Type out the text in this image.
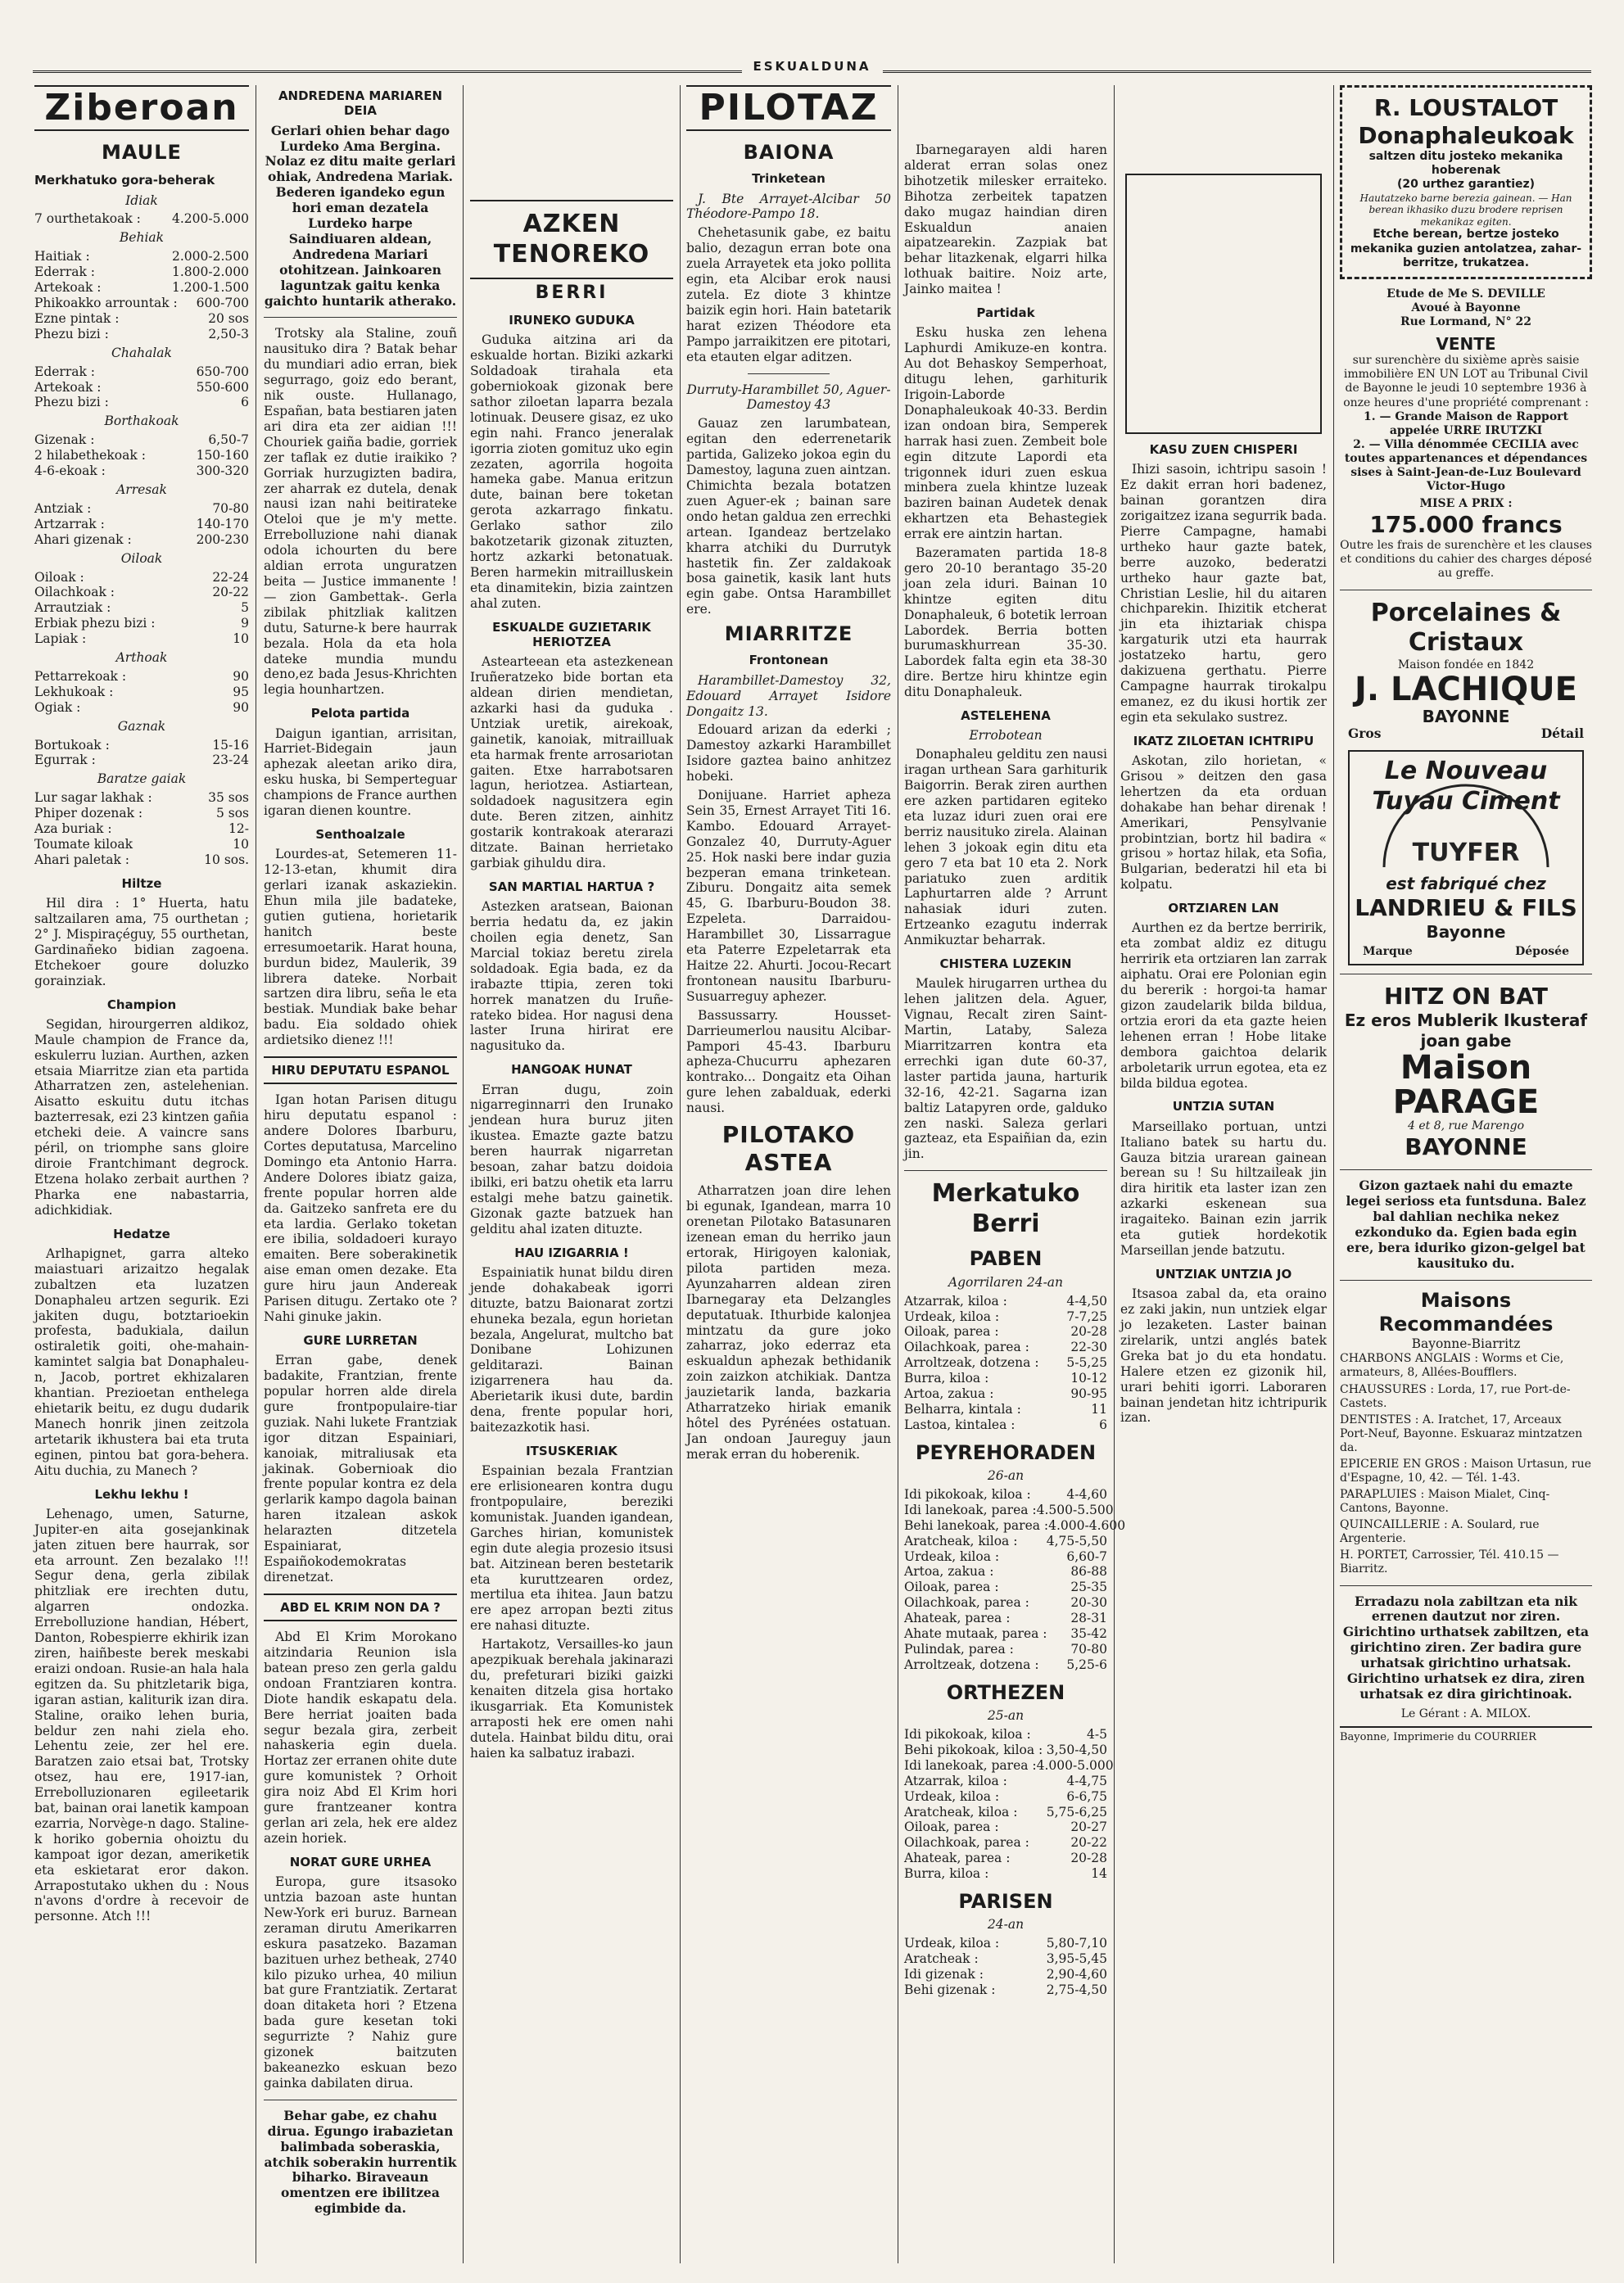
ESKUALDUNA
Ziberoan
MAULE
Merkhatuko gora-beherak
Idiak
7 ourthetakoak :	4.200-5.000
Behiak
Haitiak :	2.000-2.500
Ederrak :	1.800-2.000
Artekoak :	1.200-1.500
Phikoakko arrountak :	600-700
Ezne pintak :	20 sos
Phezu bizi :	2,50-3
Chahalak
Ederrak :	650-700
Artekoak :	550-600
Phezu bizi :	6
Borthakoak
Gizenak :	6,50-7
2 hilabethekoak :	150-160
4-6-ekoak :	300-320
Arresak
Antziak :	70-80
Artzarrak :	140-170
Ahari gizenak :	200-230
Oiloak
Oiloak :	22-24
Oilachkoak :	20-22
Arrautziak :	5
Erbiak phezu bizi :	9
Lapiak :	10
Arthoak
Pettarrekoak :	90
Lekhukoak :	95
Ogiak :	90
Gaznak
Bortukoak :	15-16
Egurrak :	23-24
Baratze gaiak
Lur sagar lakhak :	35 sos
Phiper dozenak :	5 sos
Aza buriak :	12-
Toumate kiloak	10
Ahari paletak :	10 sos.
Hiltze
Hil dira : 1° Huerta, hatu saltzailaren ama, 75 ourthetan ; 2° J. Mispiraçéguy, 55 ourthetan, Gardinañeko bidian zagoena. Etchekoer goure doluzko gorainziak.
Champion
Segidan, hirourgerren aldikoz, Maule champion de France da, eskulerru luzian. Aurthen, azken etsaia Miarritze zian eta partida Atharratzen zen, astelehenian. Aisatto eskuitu dutu itchas bazterresak, ezi 23 kintzen gañia etcheki deie. A vaincre sans péril, on triomphe sans gloire diroie Frantchimant degrock. Etzena holako zerbait aurthen ? Pharka ene nabastarria, adichkidiak.
Hedatze
Arlhapignet, garra alteko maiastuari arizaitzo hegalak zubaltzen eta luzatzen Donaphaleu artzen segurik. Ezi jakiten dugu, botztarioekin profesta, badukiala, dailun ostiraletik goiti, ohe-mahain-kamintet salgia bat Donaphaleu-n, Jacob, portret ekhizalaren khantian. Prezioetan enthelega ehietarik beitu, ez dugu dudarik Manech honrik jinen zeitzola artetarik ikhustera bai eta truta eginen, pintou bat gora-behera. Aitu duchia, zu Manech ?
Lekhu lekhu !
Lehenago, umen, Saturne, Jupiter-en aita gosejankinak jaten zituen bere haurrak, sor eta arrount. Zen bezalako !!! Segur dena, gerla zibilak phitzliak ere irechten dutu, algarren ondozka. Errebolluzione handian, Hébert, Danton, Robespierre ekhirik izan ziren, haiñbeste berek meskabi eraizi ondoan. Rusie-an hala hala egitzen da. Su phitzletarik biga, igaran astian, kaliturik izan dira. Staline, oraiko lehen buria, beldur zen nahi ziela eho. Lehentu zeie, zer hel ere. Baratzen zaio etsai bat, Trotsky otsez, hau ere, 1917-ian, Errebolluzionaren egileetarik bat, bainan orai lanetik kampoan ezarria, Norvège-n dago. Staline-k horiko gobernia ohoiztu du kampoat igor dezan, ameriketik eta eskietarat eror dakon. Arrapostutako ukhen du : Nous n'avons d'ordre à recevoir de personne. Atch !!!
ANDREDENA MARIAREN DEIA
Gerlari ohien behar dago Lurdeko Ama Bergina. Nolaz ez ditu maite gerlari ohiak, Andredena Mariak. Bederen igandeko egun hori eman dezatela Lurdeko harpe Saindiuaren aldean, Andredena Mariari otohitzean. Jainkoaren laguntzak gaitu kenka gaichto huntarik atherako.
Trotsky ala Staline, zouñ nausituko dira ? Batak behar du mundiari adio erran, biek segurrago, goiz edo berant, nik ouste. Hullanago, Españan, bata bestiaren jaten ari dira eta zer aidian !!! Chouriek gaiña badie, gorriek zer taflak ez dutie iraikiko ? Gorriak hurzugizten badira, zer aharrak ez dutela, denak nausi izan nahi beitirateke Oteloi que je m'y mette. Errebolluzione nahi dianak odola ichourten du bere aldian errota unguratzen beita — Justice immanente ! — zion Gambettak-. Gerla zibilak phitzliak kalitzen dutu, Saturne-k bere haurrak bezala. Hola da eta hola dateke mundia mundu deno,ez bada Jesus-Khrichten legia hounhartzen.
Pelota partida
Daigun igantian, arrisitan, Harriet-Bidegain jaun aphezak aleetan ariko dira, esku huska, bi Semperteguar champions de France aurthen igaran dienen kountre.
Senthoalzale
Lourdes-at, Setemeren 11-12-13-etan, khumit dira gerlari izanak askaziekin. Ehun mila jile badateke, gutien gutiena, horietarik hanitch beste erresumoetarik. Harat houna, burdun bidez, Maulerik, 39 librera dateke. Norbait sartzen dira libru, seña le eta bestiak. Mundiak bake behar badu. Eia soldado ohiek ardietsiko dienez !!!
HIRU DEPUTATU ESPANOL
Igan hotan Parisen ditugu hiru deputatu espanol : andere Dolores Ibarburu, Cortes deputatusa, Marcelino Domingo eta Antonio Harra. Andere Dolores ibiatz gaiza, frente popular horren alde da. Gaitzeko sanfreta ere du eta lardia. Gerlako toketan ere ibilia, soldadoeri kurayo emaiten. Bere soberakinetik aise eman omen dezake. Eta gure hiru jaun Andereak Parisen ditugu. Zertako ote ? Nahi ginuke jakin.
GURE LURRETAN
Erran gabe, denek badakite, Frantzian, frente popular horren alde direla gure frontpopulaire-tiar guziak. Nahi lukete Frantziak igor ditzan Espainiari, kanoiak, mitraliusak eta jakinak. Gobernioak dio frente popular kontra ez dela gerlarik kampo dagola bainan haren itzalean askok helarazten ditzetela Espainiarat, Espaiñokodemokratas direnetzat.
ABD EL KRIM NON DA ?
Abd El Krim Morokano aitzindaria Reunion isla batean preso zen gerla galdu ondoan Frantziaren kontra. Diote handik eskapatu dela. Bere herriat joaiten bada segur bezala gira, zerbeit nahaskeria egin duela. Hortaz zer erranen ohite dute gure komunistek ? Orhoit gira noiz Abd El Krim hori gure frantzeaner kontra gerlan ari zela, hek ere aldez azein horiek.
NORAT GURE URHEA
Europa, gure itsasoko untzia bazoan aste huntan New-York eri buruz. Barnean zeraman dirutu Amerikarren eskura pasatzeko. Bazaman bazituen urhez betheak, 2740 kilo pizuko urhea, 40 miliun bat gure Frantziatik. Zertarat doan ditaketa hori ? Etzena bada gure kesetan toki segurrizte ? Nahiz gure gizonek baitzuten bakeanezko eskuan bezo gainka dabilaten dirua.
Behar gabe, ez chahu dirua. Egungo irabazietan balimbada soberaskia, atchik soberakin hurrentik biharko. Biraveaun omentzen ere ibilitzea egimbide da.
AZKEN TENOREKO
BERRI
IRUNEKO GUDUKA
Guduka aitzina ari da eskualde hortan. Biziki azkarki Soldadoak tirahala eta goberniokoak gizonak bere sathor ziloetan laparra bezala lotinuak. Deusere gisaz, ez uko egin nahi. Franco jeneralak igorria zioten gomituz uko egin zezaten, agorrila hogoita hameka gabe. Manua eritzun dute, bainan bere toketan gerota azkarrago finkatu. Gerlako sathor zilo bakotzetarik gizonak zituzten, hortz azkarki betonatuak. Beren harmekin mitrailluskein eta dinamitekin, bizia zaintzen ahal zuten.
ESKUALDE GUZIETARIK HERIOTZEA
Astearteean eta astezkenean Iruñeratzeko bide bortan eta aldean dirien mendietan, azkarki hasi da guduka . Untziak uretik, airekoak, gainetik, kanoiak, mitrailluak eta harmak frente arrosariotan gaiten. Etxe harrabotsaren lagun, heriotzea. Astiartean, soldadoek nagusitzera egin dute. Beren zitzen, ainhitz gostarik kontrakoak aterarazi ditzate. Bainan herrietako garbiak gihuldu dira.
SAN MARTIAL HARTUA ?
Astezken aratsean, Baionan berria hedatu da, ez jakin choilen egia denetz, San Marcial tokiaz beretu zirela soldadoak. Egia bada, ez da irabazte ttipia, zeren toki horrek manatzen du Iruñe-rateko bidea. Hor nagusi dena laster Iruna hirirat ere nagusituko da.
HANGOAK HUNAT
Erran dugu, zoin nigarreginnarri den Irunako jendean hura buruz jiten ikustea. Emazte gazte batzu beren haurrak nigarretan besoan, zahar batzu doidoia ibilki, eri batzu ohetik eta larru estalgi mehe batzu gainetik. Gizonak gazte batzuek han gelditu ahal izaten dituzte.
HAU IZIGARRIA !
Espainiatik hunat bildu diren jende dohakabeak igorri dituzte, batzu Baionarat zortzi ehuneka bezala, egun horietan bezala, Angelurat, multcho bat Donibane Lohizunen gelditarazi. Bainan izigarrenera hau da. Aberietarik ikusi dute, bardin dena, frente popular hori, baitezazkotik hasi.
ITSUSKERIAK
Espainian bezala Frantzian ere erlisionearen kontra dugu frontpopulaire, bereziki komunistak. Juanden igandean, Garches hirian, komunistek egin dute alegia prozesio itsusi bat. Aitzinean beren bestetarik eta kuruttzearen ordez, mertilua eta ihitea. Jaun batzu ere apez arropan bezti zitus ere nahasi dituzte.
Hartakotz, Versailles-ko jaun apezpikuak berehala jakinarazi du, prefeturari biziki gaizki kenaiten ditzela gisa hortako ikusgarriak. Eta Komunistek arraposti hek ere omen nahi dutela. Hainbat bildu ditu, orai haien ka salbatuz irabazi.
PILOTAZ
BAIONA
Trinketean
J. Bte Arrayet-Alcibar 50 Théodore-Pampo 18.
Chehetasunik gabe, ez baitu balio, dezagun erran bote ona zuela Arrayetek eta joko pollita egin, eta Alcibar erok nausi zutela. Ez diote 3 khintze baizik egin hori. Hain batetarik harat ezizen Théodore eta Pampo jarraikitzen ere pitotari, eta etauten elgar aditzen.
Durruty-Harambillet 50, Aguer-Damestoy 43
Gauaz zen larumbatean, egitan den ederrenetarik partida, Galizeko jokoa egin du Damestoy, laguna zuen aintzan. Chimichta bezala botatzen zuen Aguer-ek ; bainan sare ondo hetan galdua zen errechki artean. Igandeaz bertzelako kharra atchiki du Durrutyk hastetik fin. Zer zaldakoak bosa gainetik, kasik lant huts egin gabe. Ontsa Harambillet ere.
MIARRITZE
Frontonean
Harambillet-Damestoy 32, Edouard Arrayet Isidore Dongaitz 13.
Edouard arizan da ederki ; Damestoy azkarki Harambillet Isidore gaztea baino anhitzez hobeki.
Donijuane. Harriet apheza Sein 35, Ernest Arrayet Titi 16. Kambo. Edouard Arrayet-Gonzalez 40, Durruty-Aguer 25. Hok naski bere indar guzia bezperan emana trinketean. Ziburu. Dongaitz aita semek 45, G. Ibarburu-Boudon 38. Ezpeleta. Darraidou-Harambillet 30, Lissarrague eta Paterre Ezpeletarrak eta Haitze 22. Ahurti. Jocou-Recart frontonean nausitu Ibarburu-Susuarreguy aphezer.
Bassussarry. Housset-Darrieumerlou nausitu Alcibar-Pampori 45-43. Ibarburu apheza-Chucurru aphezaren kontrako... Dongaitz eta Oihan gure lehen zabalduak, ederki nausi.
PILOTAKO ASTEA
Atharratzen joan dire lehen bi egunak, Igandean, marra 10 orenetan Pilotako Batasunaren izenean eman du herriko jaun ertorak, Hirigoyen kaloniak, pilota partiden meza. Ayunzaharren aldean ziren Ibarnegaray eta Delzangles deputatuak. Ithurbide kalonjea mintzatu da gure joko zaharraz, joko ederraz eta eskualdun aphezak bethidanik zoin zaizkon atchikiak. Dantza jauzietarik landa, bazkaria Atharratzeko hiriak emanik hôtel des Pyrénées ostatuan. Jan ondoan Jaureguy jaun merak erran du hoberenik.
Ibarnegarayen aldi haren alderat erran solas onez bihotzetik milesker erraiteko. Bihotza zerbeitek tapatzen dako mugaz haindian diren Eskualdun anaien aipatzearekin. Zazpiak bat behar litazkenak, elgarri hilka lothuak baitire. Noiz arte, Jainko maitea !
Partidak
Esku huska zen lehena Laphurdi Amikuze-en kontra. Au dot Behaskoy Semperhoat, ditugu lehen, garhiturik Irigoin-Laborde Donaphaleukoak 40-33. Berdin izan ondoan bira, Semperek harrak hasi zuen. Zembeit bole egin ditzute Lapordi eta trigonnek iduri zuen eskua minbera zuela khintze luzeak baziren bainan Audetek denak ekhartzen eta Behastegiek errak ere aintzin hartan.
Bazeramaten partida 18-8 gero 20-10 berantago 35-20 joan zela iduri. Bainan 10 khintze egiten ditu Donaphaleuk, 6 botetik lerroan Labordek. Berria botten burumaskhurrean 35-30. Labordek falta egin eta 38-30 dire. Bertze hiru khintze egin ditu Donaphaleuk.
ASTELEHENA
Errobotean
Donaphaleu gelditu zen nausi iragan urthean Sara garhiturik Baigorrin. Berak ziren aurthen ere azken partidaren egiteko eta luzaz iduri zuen orai ere berriz nausituko zirela. Alainan lehen 3 jokoak egin ditu eta gero 7 eta bat 10 eta 2. Nork pariatuko zuen arditik Laphurtarren alde ? Arrunt nahasiak iduri zuten. Ertzeanko ezagutu inderrak Anmikuztar beharrak.
CHISTERA LUZEKIN
Maulek hirugarren urthea du lehen jalitzen dela. Aguer, Vignau, Recalt ziren Saint-Martin, Lataby, Saleza Miarritzarren kontra eta errechki igan dute 60-37, laster partida jauna, harturik 32-16, 42-21. Sagarna izan baltiz Latapyren orde, galduko zen naski. Saleza gerlari gazteaz, eta Espaiñian da, ezin jin.
Merkatuko Berri
PABEN
Agorrilaren 24-an
Atzarrak, kiloa :	4-4,50
Urdeak, kiloa :	7-7,25
Oiloak, parea :	20-28
Oilachkoak, parea :	22-30
Arroltzeak, dotzena :	5-5,25
Burra, kiloa :	10-12
Artoa, zakua :	90-95
Belharra, kintala :	11
Lastoa, kintalea :	6
PEYREHORADEN
26-an
Idi pikokoak, kiloa :	4-4,60
Idi lanekoak, parea : 4.500-5.500
Behi lanekoak, parea : 4.000-4.600
Aratcheak, kiloa :	4,75-5,50
Urdeak, kiloa :	6,60-7
Artoa, zakua :	86-88
Oiloak, parea :	25-35
Oilachkoak, parea :	20-30
Ahateak, parea :	28-31
Ahate mutaak, parea :	35-42
Pulindak, parea :	70-80
Arroltzeak, dotzena :	5,25-6
ORTHEZEN
25-an
Idi pikokoak, kiloa :	4-5
Behi pikokoak, kiloa : 3,50-4,50
Idi lanekoak, parea : 4.000-5.000
Atzarrak, kiloa :	4-4,75
Urdeak, kiloa :	6-6,75
Aratcheak, kiloa :	5,75-6,25
Oiloak, parea :	20-27
Oilachkoak, parea :	20-22
Ahateak, parea :	20-28
Burra, kiloa :	14
PARISEN
24-an
Urdeak, kiloa :	5,80-7,10
Aratcheak :	3,95-5,45
Idi gizenak :	2,90-4,60
Behi gizenak :	2,75-4,50
KASU ZUEN CHISPERI
Ihizi sasoin, ichtripu sasoin ! Ez dakit erran hori badenez, bainan gorantzen dira zorigaitzez izana segurrik bada. Pierre Campagne, hamabi urtheko haur gazte batek, berre auzoko, bederatzi urtheko haur gazte bat, Christian Leslie, hil du aitaren chichparekin. Ihizitik etcherat jin eta ihiztariak chispa kargaturik utzi eta haurrak jostatzeko hartu, gero dakizuena gerthatu. Pierre Campagne haurrak tirokalpu emanez, ez du ikusi hortik zer egin eta sekulako sustrez.
IKATZ ZILOETAN ICHTRIPU
Askotan, zilo horietan, « Grisou » deitzen den gasa lehertzen da eta orduan dohakabe han behar direnak ! Amerikari, Pensylvanie probintzian, bortz hil badira « grisou » hortaz hilak, eta Sofia, Bulgarian, bederatzi hil eta bi kolpatu.
ORTZIAREN LAN
Aurthen ez da bertze berririk, eta zombat aldiz ez ditugu herririk eta ortziaren lan zarrak aiphatu. Orai ere Polonian egin du bererik : horgoi-ta hamar gizon zaudelarik bilda bildua, ortzia erori da eta gazte heien lehenen erran ! Hobe litake dembora gaichtoa delarik arboletarik urrun egotea, eta ez bilda bildua egotea.
UNTZIA SUTAN
Marseillako portuan, untzi Italiano batek su hartu du. Gauza bitzia urarean gainean berean su ! Su hiltzaileak jin dira hiritik eta laster izan zen azkarki eskenean sua iragaiteko. Bainan ezin jarrik eta gutiek hordekotik Marseillan jende batzutu.
UNTZIAK UNTZIA JO
Itsasoa zabal da, eta oraino ez zaki jakin, nun untziek elgar jo lezaketen. Laster bainan zirelarik, untzi anglés batek Greka bat jo du eta hondatu. Halere etzen ez gizonik hil, urari behiti igorri. Laboraren bainan jendetan hitz ichtripurik izan.
R. LOUSTALOT Donaphaleukoak
saltzen ditu josteko mekanika hoberenak
(20 urthez garantiez)
Hautatzeko barne berezia gainean. — Han berean ikhasiko duzu brodere reprisen mekanikaz egiten.
Etche berean, bertze josteko mekanika guzien antolatzea, zahar-berritze, trukatzea.
Etude de Me S. DEVILLE
Avoué à Bayonne
Rue Lormand, N° 22
VENTE
sur surenchère du sixième après saisie immobilière EN UN LOT au Tribunal Civil de Bayonne le jeudi 10 septembre 1936 à onze heures d'une propriété comprenant :
1. — Grande Maison de Rapport appelée URRE IRUTZKI
2. — Villa dénommée CECILIA avec toutes appartenances et dépendances sises à Saint-Jean-de-Luz Boulevard Victor-Hugo
MISE A PRIX :
175.000 francs
Outre les frais de surenchère et les clauses et conditions du cahier des charges déposé au greffe.
Porcelaines & Cristaux
Maison fondée en 1842
J. LACHIQUE
BAYONNE
Gros	Détail
Le Nouveau Tuyau Ciment
TUYFER
est fabriqué chez
LANDRIEU & FILS
Bayonne
Marque	Déposée
HITZ ON BAT
Ez eros Mublerik Ikusteraf joan gabe
Maison PARAGE
4 et 8, rue Marengo
BAYONNE
Gizon gaztaek nahi du emazte legei serioss eta funtsduna. Balez bal dahlian nechika nekez ezkonduko da. Egien bada egin ere, bera iduriko gizon-gelgel bat kausituko du.
Maisons Recommandées
Bayonne-Biarritz
CHARBONS ANGLAIS : Worms et Cie, armateurs, 8, Allées-Boufflers.
CHAUSSURES : Lorda, 17, rue Port-de-Castets.
DENTISTES : A. Iratchet, 17, Arceaux Port-Neuf, Bayonne. Eskuaraz mintzatzen da.
EPICERIE EN GROS : Maison Urtasun, rue d'Espagne, 10, 42. — Tél. 1-43.
PARAPLUIES : Maison Mialet, Cinq-Cantons, Bayonne.
QUINCAILLERIE : A. Soulard, rue Argenterie.
H. PORTET, Carrossier, Tél. 410.15 — Biarritz.
Erradazu nola zabiltzan eta nik errenen dautzut nor ziren. Girichtino urthatsek zabiltzen, eta girichtino ziren. Zer badira gure urhatsak girichtino urhatsak. Girichtino urhatsek ez dira, ziren urhatsak ez dira girichtinoak.
Le Gérant : A. MILOX.
Bayonne, Imprimerie du COURRIER
